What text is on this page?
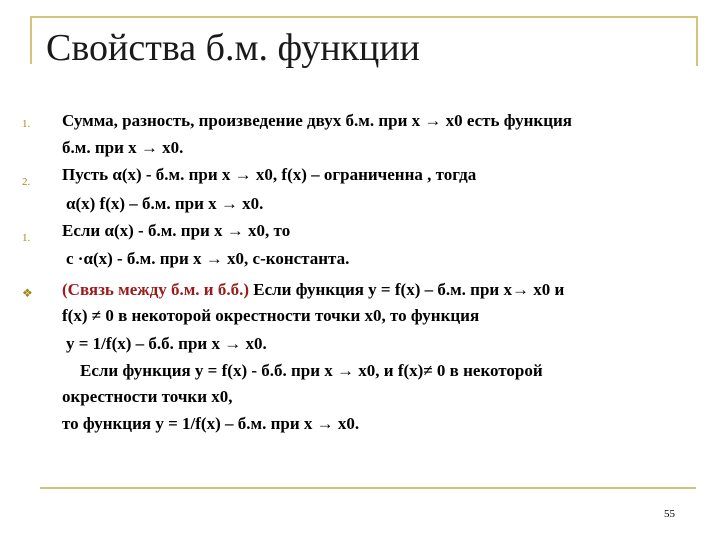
Свойства б.м. функции
1.
2.
1.
❖
Сумма, разность, произведение двух б.м. при x → x0 есть функция
б.м. при x → x0.
Пусть α(x) - б.м. при x → x0, f(x) – ограниченна , тогда
α(x) f(x) – б.м. при x → x0.
Если α(x) - б.м. при x → x0, то
c ·α(x) - б.м. при x → x0, c-константа.
(Связь между б.м. и б.б.) Если функция y = f(x) – б.м. при x→ x0 и
f(x) ≠ 0 в некоторой окрестности точки x0, то функция
y = 1/f(x) – б.б. при x → x0.
Если функция y = f(x) - б.б. при x → x0, и f(x)≠ 0 в некоторой
окрестности точки x0,
то функция y = 1/f(x) – б.м. при x → x0.
55
